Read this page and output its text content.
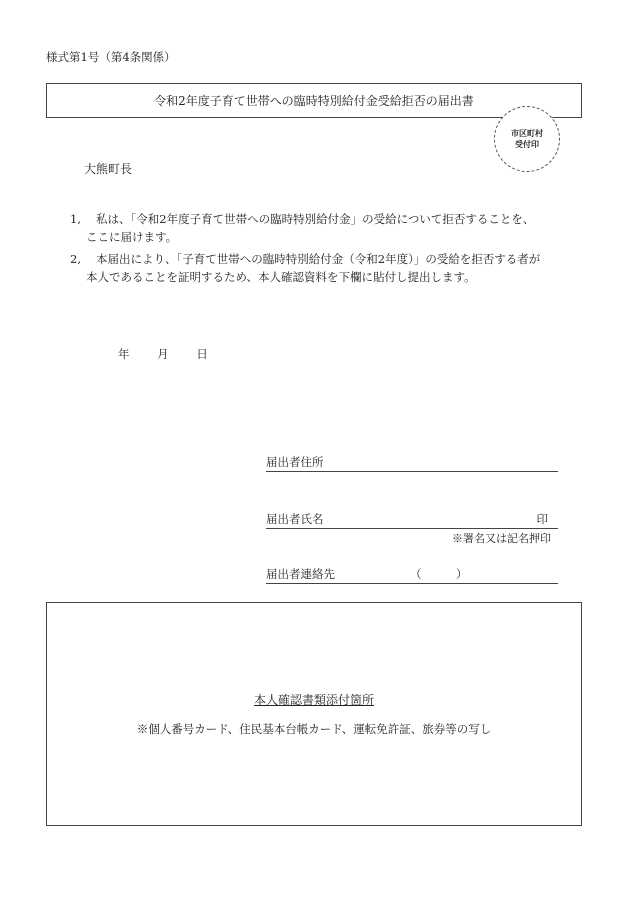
様式第1号（第4条関係）
令和2年度子育て世帯への臨時特別給付金受給拒否の届出書
市区町村
受付印
大熊町長
1, 私は、「令和2年度子育て世帯への臨時特別給付金」の受給について拒否することを、
ここに届けます。
2, 本届出により、「子育て世帯への臨時特別給付金（令和2年度）」の受給を拒否する者が
本人であることを証明するため、本人確認資料を下欄に貼付し提出します。
年 月 日
届出者住所
届出者氏名	印
※署名又は記名押印
届出者連絡先	（	）
本人確認書類添付箇所
※個人番号カード、住民基本台帳カード、運転免許証、旅券等の写し
